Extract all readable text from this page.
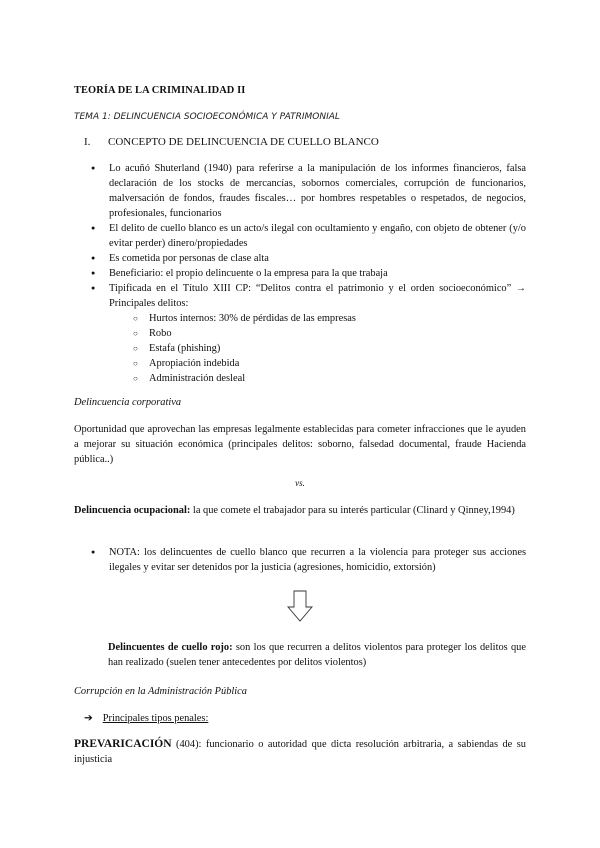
TEORÍA DE LA CRIMINALIDAD II
TEMA 1: DELINCUENCIA SOCIOECONÓMICA Y PATRIMONIAL
I. CONCEPTO DE DELINCUENCIA DE CUELLO BLANCO
● Lo acuñó Shuterland (1940) para referirse a la manipulación de los informes financieros, falsa declaración de los stocks de mercancías, sobornos comerciales, corrupción de funcionarios, malversación de fondos, fraudes fiscales… por hombres respetables o respetados, de negocios, profesionales, funcionarios
● El delito de cuello blanco es un acto/s ilegal con ocultamiento y engaño, con objeto de obtener (y/o evitar perder) dinero/propiedades
● Es cometida por personas de clase alta
● Beneficiario: el propio delincuente o la empresa para la que trabaja
● Tipificada en el Título XIII CP: “Delitos contra el patrimonio y el orden socioeconómico” → Principales delitos:
○ Hurtos internos: 30% de pérdidas de las empresas
○ Robo
○ Estafa (phishing)
○ Apropiación indebida
○ Administración desleal
Delincuencia corporativa
Oportunidad que aprovechan las empresas legalmente establecidas para cometer infracciones que le ayuden a mejorar su situación económica (principales delitos: soborno, falsedad documental, fraude Hacienda pública..)
vs.
Delincuencia ocupacional: la que comete el trabajador para su interés particular (Clinard y Qinney,1994)
● NOTA: los delincuentes de cuello blanco que recurren a la violencia para proteger sus acciones ilegales y evitar ser detenidos por la justicia (agresiones, homicidio, extorsión)
Delincuentes de cuello rojo: son los que recurren a delitos violentos para proteger los delitos que han realizado (suelen tener antecedentes por delitos violentos)
Corrupción en la Administración Pública
➔ Principales tipos penales:
PREVARICACIÓN (404): funcionario o autoridad que dicta resolución arbitraria, a sabiendas de su injusticia
